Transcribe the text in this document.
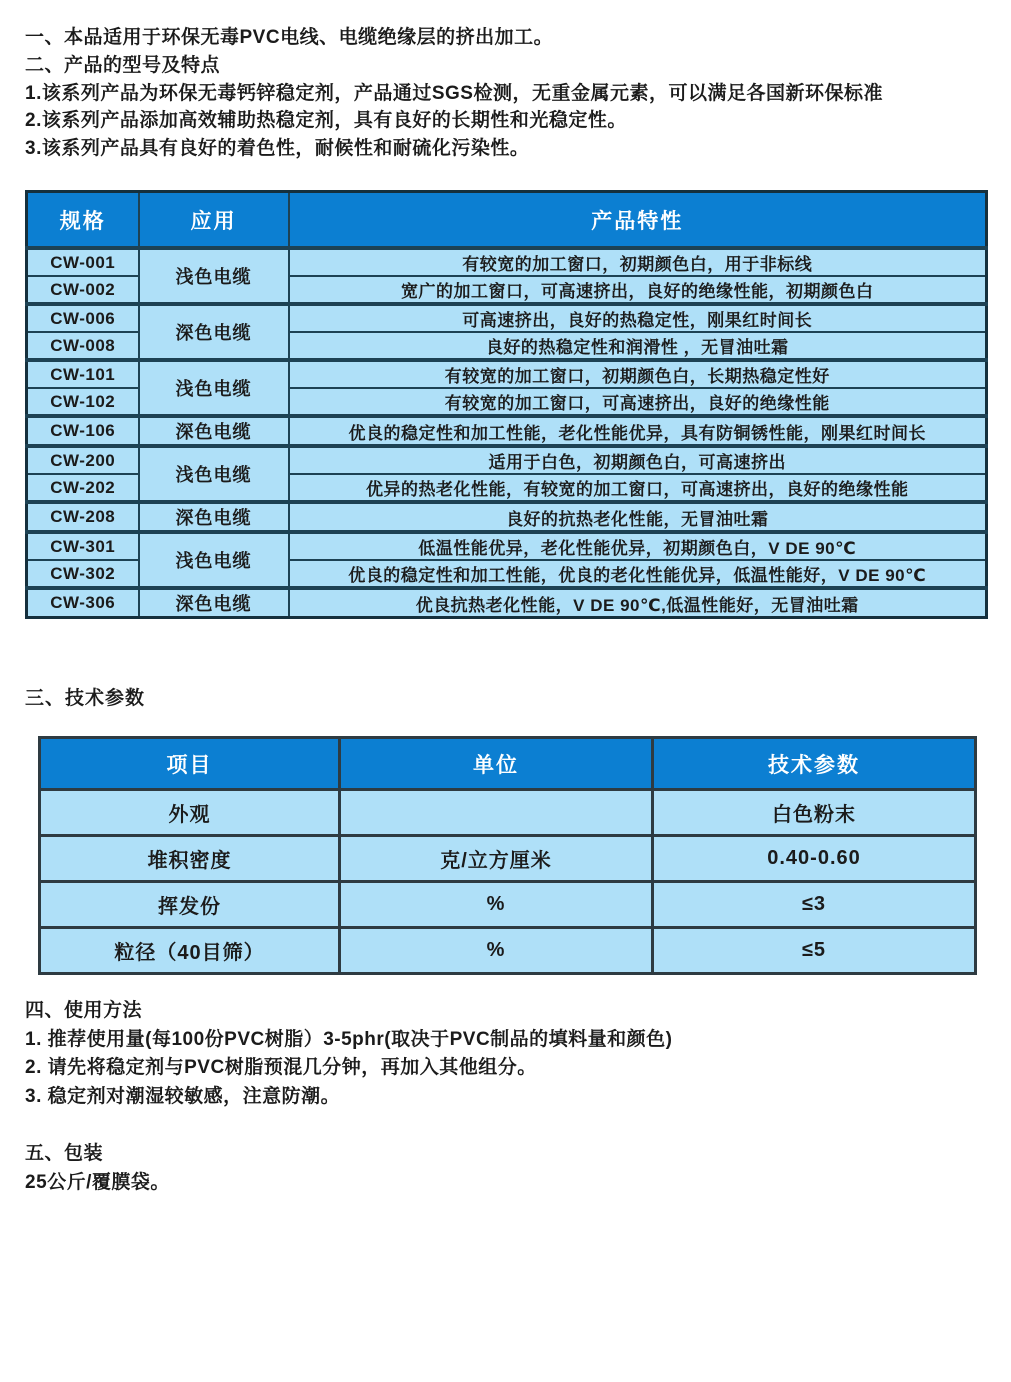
一、本品适用于环保无毒PVC电线、电缆绝缘层的挤出加工。
二、产品的型号及特点
1.该系列产品为环保无毒钙锌稳定剂，产品通过SGS检测，无重金属元素，可以满足各国新环保标准
2.该系列产品添加高效辅助热稳定剂，具有良好的长期性和光稳定性。
3.该系列产品具有良好的着色性，耐候性和耐硫化污染性。
规格	应用	产品特性
CW-001	浅色电缆	有较宽的加工窗口，初期颜色白，用于非标线
CW-002		宽广的加工窗口，可高速挤出，良好的绝缘性能，初期颜色白
CW-006	深色电缆	可高速挤出，良好的热稳定性，刚果红时间长
CW-008		良好的热稳定性和润滑性 ，无冒油吐霜
CW-101	浅色电缆	有较宽的加工窗口，初期颜色白，长期热稳定性好
CW-102		有较宽的加工窗口，可高速挤出，良好的绝缘性能
CW-106	深色电缆	优良的稳定性和加工性能，老化性能优异，具有防铜锈性能，刚果红时间长
CW-200	浅色电缆	适用于白色，初期颜色白，可高速挤出
CW-202		优异的热老化性能，有较宽的加工窗口，可高速挤出，良好的绝缘性能
CW-208	深色电缆	良好的抗热老化性能，无冒油吐霜
CW-301	浅色电缆	低温性能优异，老化性能优异，初期颜色白，V DE 90℃
CW-302		优良的稳定性和加工性能，优良的老化性能优异，低温性能好，V DE 90℃
CW-306	深色电缆	优良抗热老化性能，V DE 90℃,低温性能好，无冒油吐霜
三、技术参数
项目	单位	技术参数
外观		白色粉末
堆积密度	克/立方厘米	0.40-0.60
挥发份	%	≤3
粒径（40目筛）	%	≤5
四、使用方法
1. 推荐使用量(每100份PVC树脂）3-5phr(取决于PVC制品的填料量和颜色)
2. 请先将稳定剂与PVC树脂预混几分钟，再加入其他组分。
3. 稳定剂对潮湿较敏感，注意防潮。
五、包装
25公斤/覆膜袋。
